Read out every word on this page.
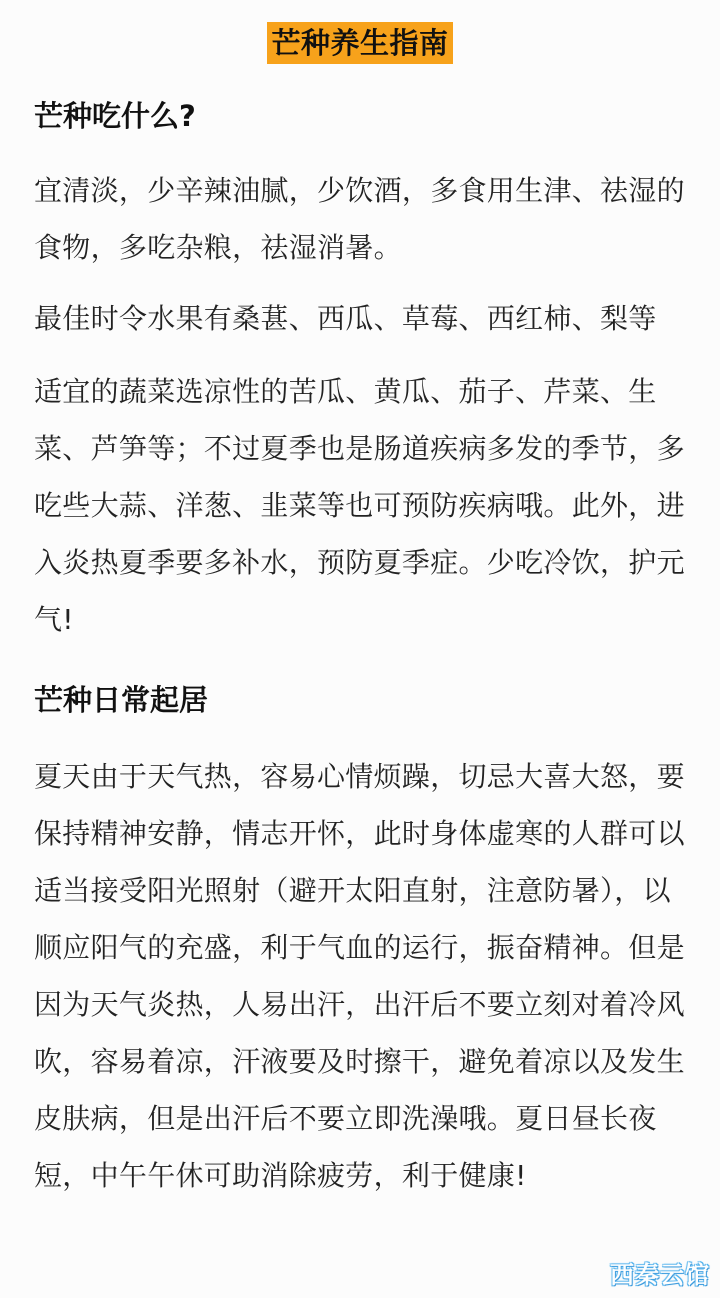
芒种养生指南
芒种吃什么?

宜清淡，少辛辣油腻，少饮酒，多食用生津、祛湿的食物，多吃杂粮，祛湿消暑。

最佳时令水果有桑葚、西瓜、草莓、西红柿、梨等

适宜的蔬菜选凉性的苦瓜、黄瓜、茄子、芹菜、生菜、芦笋等；不过夏季也是肠道疾病多发的季节，多吃些大蒜、洋葱、韭菜等也可预防疾病哦。此外，进入炎热夏季要多补水，预防夏季症。少吃冷饮，护元气!

芒种日常起居

夏天由于天气热，容易心情烦躁，切忌大喜大怒，要保持精神安静，情志开怀，此时身体虚寒的人群可以适当接受阳光照射（避开太阳直射，注意防暑），以顺应阳气的充盛，利于气血的运行，振奋精神。但是因为天气炎热，人易出汗，出汗后不要立刻对着冷风吹，容易着凉，汗液要及时擦干，避免着凉以及发生皮肤病，但是出汗后不要立即洗澡哦。夏日昼长夜短，中午午休可助消除疲劳，利于健康!

西秦云馆
